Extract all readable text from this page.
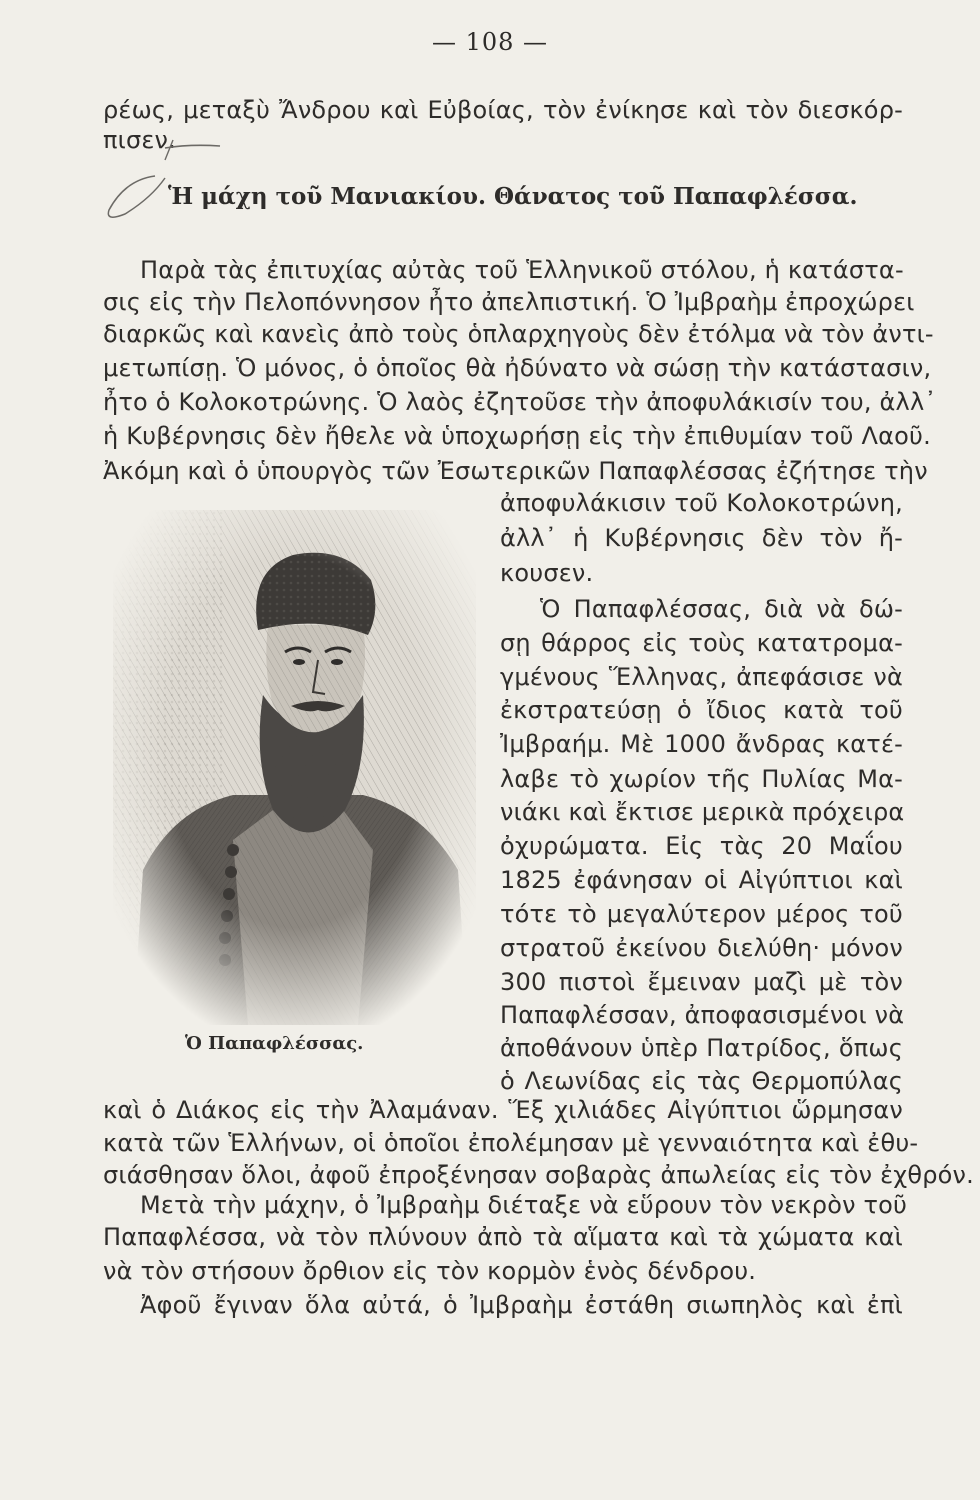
— 108 —
ρέως, μεταξὺ Ἄνδρου καὶ Εὐβοίας, τὸν ἐνίκησε καὶ τὸν διεσκόρ-
πισεν.
Ἡ μάχη τοῦ Μανιακίου. Θάνατος τοῦ Παπαφλέσσα.
Παρὰ τὰς ἐπιτυχίας αὐτὰς τοῦ Ἑλληνικοῦ στόλου, ἡ κατάστα-
σις εἰς τὴν Πελοπόννησον ἦτο ἀπελπιστική. Ὁ Ἰμβραὴμ ἐπροχώρει
διαρκῶς καὶ κανεὶς ἀπὸ τοὺς ὁπλαρχηγοὺς δὲν ἐτόλμα νὰ τὸν ἀντι-
μετωπίσῃ. Ὁ μόνος, ὁ ὁποῖος θὰ ἠδύνατο νὰ σώσῃ τὴν κατάστασιν,
ἦτο ὁ Κολοκοτρώνης. Ὁ λαὸς ἐζητοῦσε τὴν ἀποφυλάκισίν του, ἀλλ᾽
ἡ Κυβέρνησις δὲν ἤθελε νὰ ὑποχωρήσῃ εἰς τὴν ἐπιθυμίαν τοῦ Λαοῦ.
Ἀκόμη καὶ ὁ ὑπουργὸς τῶν Ἐσωτερικῶν Παπαφλέσσας ἐζήτησε τὴν
Ὁ Παπαφλέσσας.
ἀποφυλάκισιν τοῦ Κολοκοτρώνη,
ἀλλ᾽ ἡ Κυβέρνησις δὲν τὸν ἤ-
κουσεν.
Ὁ Παπαφλέσσας, διὰ νὰ δώ-
σῃ θάρρος εἰς τοὺς κατατρομα-
γμένους Ἕλληνας, ἀπεφάσισε νὰ
ἐκστρατεύσῃ ὁ ἴδιος κατὰ τοῦ
Ἰμβραήμ. Μὲ 1000 ἄνδρας κατέ-
λαβε τὸ χωρίον τῆς Πυλίας Μα-
νιάκι καὶ ἔκτισε μερικὰ πρόχειρα
ὀχυρώματα. Εἰς τὰς 20 Μαΐου
1825 ἐφάνησαν οἱ Αἰγύπτιοι καὶ
τότε τὸ μεγαλύτερον μέρος τοῦ
στρατοῦ ἐκείνου διελύθη· μόνον
300 πιστοὶ ἔμειναν μαζὶ μὲ τὸν
Παπαφλέσσαν, ἀποφασισμένοι νὰ
ἀποθάνουν ὑπὲρ Πατρίδος, ὅπως
ὁ Λεωνίδας εἰς τὰς Θερμοπύλας
καὶ ὁ Διάκος εἰς τὴν Ἀλαμάναν. Ἕξ χιλιάδες Αἰγύπτιοι ὥρμησαν
κατὰ τῶν Ἑλλήνων, οἱ ὁποῖοι ἐπολέμησαν μὲ γενναιότητα καὶ ἐθυ-
σιάσθησαν ὅλοι, ἀφοῦ ἐπροξένησαν σοβαρὰς ἀπωλείας εἰς τὸν ἐχθρόν.
Μετὰ τὴν μάχην, ὁ Ἰμβραὴμ διέταξε νὰ εὕρουν τὸν νεκρὸν τοῦ
Παπαφλέσσα, νὰ τὸν πλύνουν ἀπὸ τὰ αἵματα καὶ τὰ χώματα καὶ
νὰ τὸν στήσουν ὄρθιον εἰς τὸν κορμὸν ἑνὸς δένδρου.
Ἀφοῦ ἔγιναν ὅλα αὐτά, ὁ Ἰμβραὴμ ἐστάθη σιωπηλὸς καὶ ἐπὶ
